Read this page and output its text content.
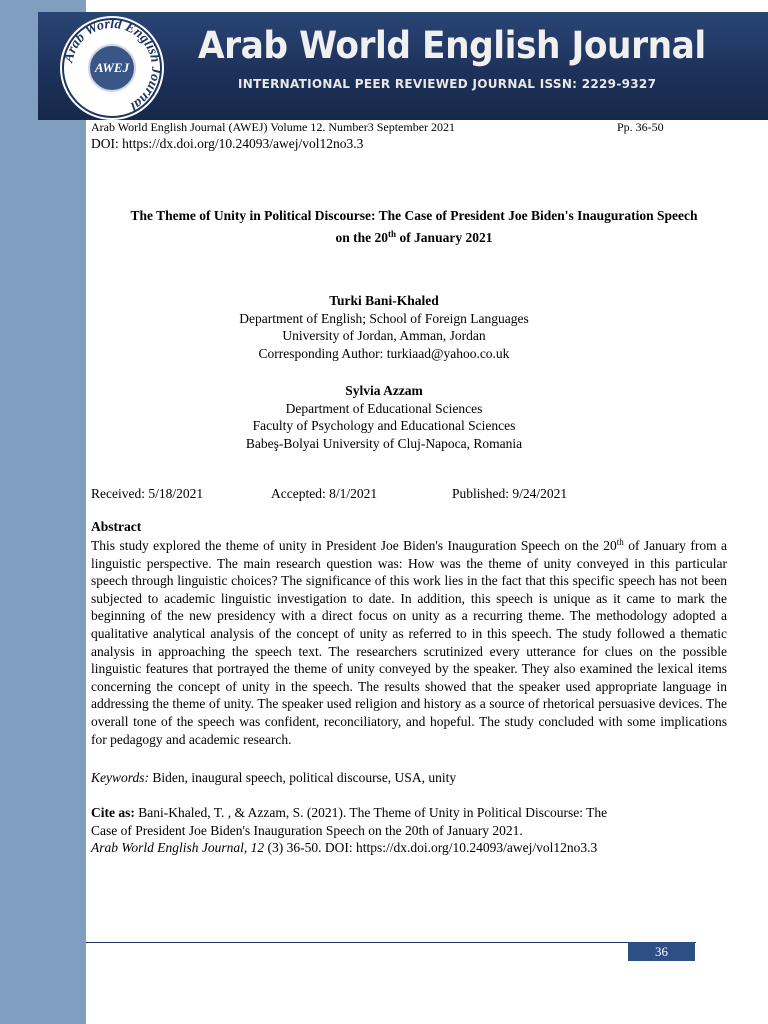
Arab World English Journal
AWEJ
Arab World English Journal
INTERNATIONAL PEER REVIEWED JOURNAL ISSN: 2229-9327
Arab World English Journal (AWEJ) Volume 12. Number3 September 2021	Pp. 36-50
DOI: https://dx.doi.org/10.24093/awej/vol12no3.3
The Theme of Unity in Political Discourse: The Case of President Joe Biden's Inauguration Speech
on the 20th of January 2021
Turki Bani-Khaled
Department of English; School of Foreign Languages
University of Jordan, Amman, Jordan
Corresponding Author: turkiaad@yahoo.co.uk
Sylvia Azzam
Department of Educational Sciences
Faculty of Psychology and Educational Sciences
Babeş-Bolyai University of Cluj-Napoca, Romania
Received: 5/18/2021	Accepted: 8/1/2021	Published: 9/24/2021
Abstract
This study explored the theme of unity in President Joe Biden's Inauguration Speech on the 20th of January from a linguistic perspective. The main research question was: How was the theme of unity conveyed in this particular speech through linguistic choices? The significance of this work lies in the fact that this specific speech has not been subjected to academic linguistic investigation to date. In addition, this speech is unique as it came to mark the beginning of the new presidency with a direct focus on unity as a recurring theme. The methodology adopted a qualitative analytical analysis of the concept of unity as referred to in this speech. The study followed a thematic analysis in approaching the speech text. The researchers scrutinized every utterance for clues on the possible linguistic features that portrayed the theme of unity conveyed by the speaker. They also examined the lexical items concerning the concept of unity in the speech. The results showed that the speaker used appropriate language in addressing the theme of unity. The speaker used religion and history as a source of rhetorical persuasive devices. The overall tone of the speech was confident, reconciliatory, and hopeful. The study concluded with some implications for pedagogy and academic research.
Keywords: Biden, inaugural speech, political discourse, USA, unity
Cite as: Bani-Khaled, T. , & Azzam, S. (2021). The Theme of Unity in Political Discourse: The
Case of President Joe Biden's Inauguration Speech on the 20th of January 2021.
Arab World English Journal, 12 (3) 36-50. DOI: https://dx.doi.org/10.24093/awej/vol12no3.3
36
